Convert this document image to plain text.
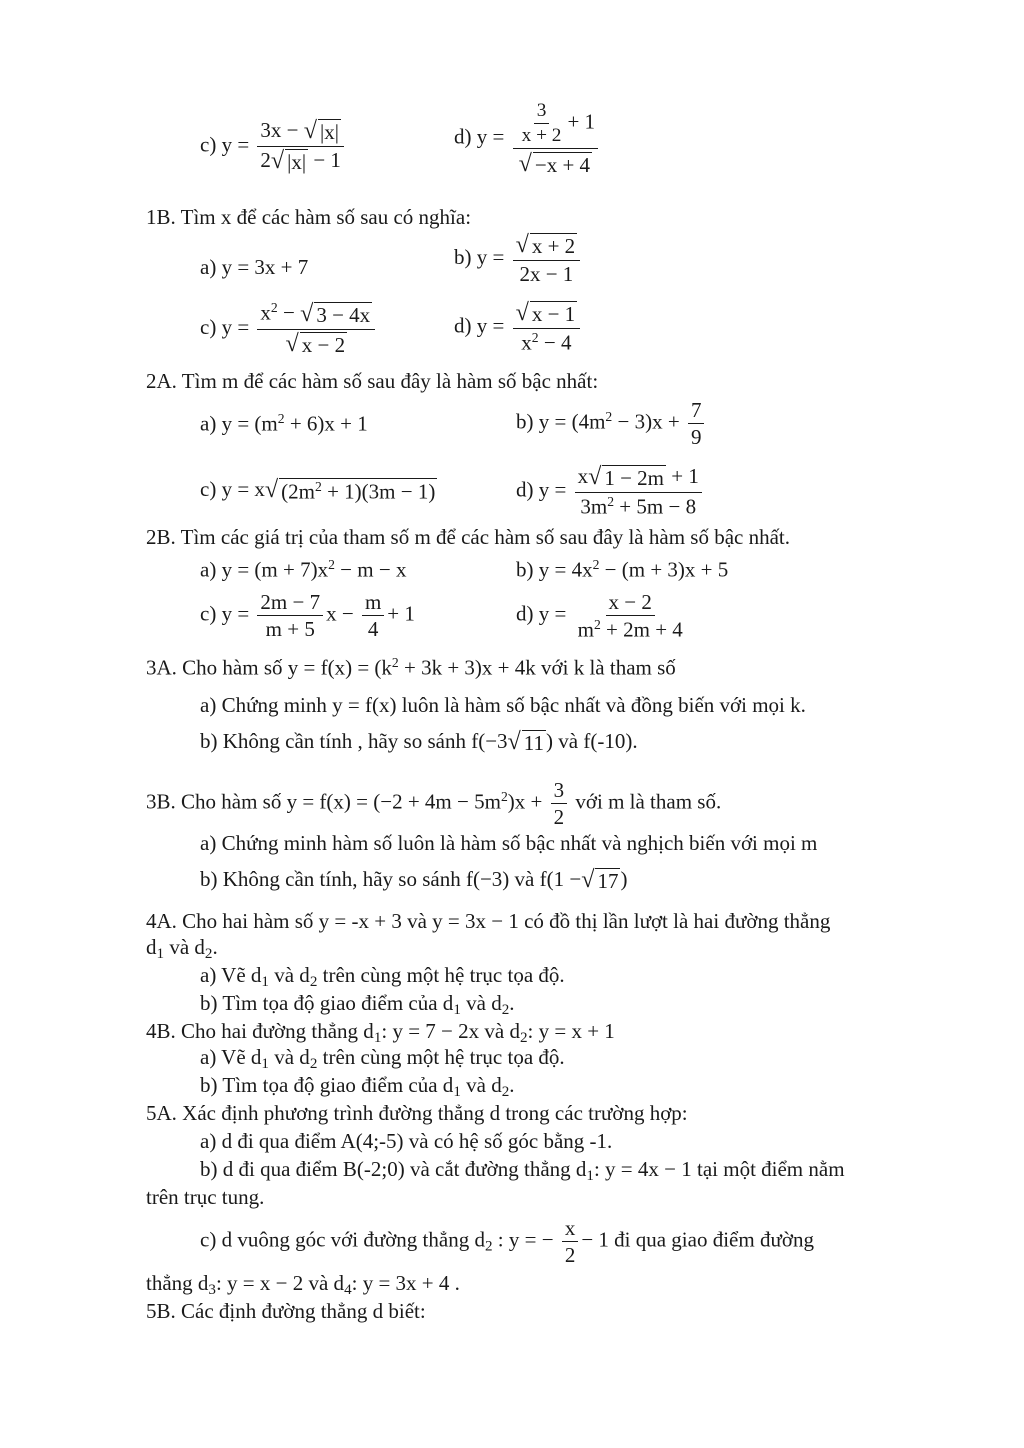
c) $y = \frac{3x - √ |x|}{2 √ |x| - 1}$	d) $y = \frac{\frac{3}{x + 2} + 1}{√ -x + 4}$
1B. Tìm x để các hàm số sau có nghĩa:
a) y = 3x + 7	b) $y = \frac{√ x + 2}{2x - 1}$
c) $y = \frac{x^2 - √ 3 - 4x}{√ x - 2}$	d) $y = \frac{√ x - 1}{x^2 - 4}$
2A. Tìm m để các hàm số sau đây là hàm số bậc nhất:
a) $y = (m^2 + 6)x + 1$	b) $y = (4m^2 - 3)x + \frac{7}{9}$
c) y = x √ $(2m^2 + 1)(3m - 1)$	d) $y = \frac{x √ 1 - 2m + 1}{3m^2 + 5m - 8}$
2B. Tìm các giá trị của tham số m để các hàm số sau đây là hàm số bậc nhất.
a) $y = (m + 7)x^2 - m - x$	b) $y = 4x^2 - (m + 3)x + 5$
c) $y = \frac{2m - 7}{m + 5}$ $x - \frac{m}{4} + 1$	d) $y = \frac{x - 2}{m^2 + 2m + 4}$
3A. Cho hàm số $y = f(x) = (k^2 + 3k + 3)x + 4k$ với k là tham số
a) Chứng minh y = f(x) luôn là hàm số bậc nhất và đồng biến với mọi k.
b) Không cần tính , hãy so sánh f(−3 √ 11 ) và f(-10).
3B. Cho hàm số $y = f(x) = (-2 + 4m - 5m^2)x + \frac{3}{2}$ với m là tham số.
a) Chứng minh hàm số luôn là hàm số bậc nhất và nghịch biến với mọi m
b) Không cần tính, hãy so sánh f(−3) và f(1 − √ 17 )
4A. Cho hai hàm số y = -x + 3 và y = 3x − 1 có đồ thị lần lượt là hai đường thẳng
$d_1$ và $d_2$.
a) Vẽ $d_1$ và $d_2$ trên cùng một hệ trục tọa độ.
b) Tìm tọa độ giao điểm của $d_1$ và $d_2$.
4B. Cho hai đường thẳng $d_1$: y = 7 − 2x và $d_2$: y = x + 1
a) Vẽ $d_1$ và $d_2$ trên cùng một hệ trục tọa độ.
b) Tìm tọa độ giao điểm của $d_1$ và $d_2$.
5A. Xác định phương trình đường thẳng d trong các trường hợp:
a) d đi qua điểm A(4;-5) và có hệ số góc bằng -1.
b) d đi qua điểm B(-2;0) và cắt đường thẳng $d_1$: y = 4x − 1 tại một điểm nằm
trên trục tung.
c) d vuông góc với đường thẳng $d_2$ : y = − $\frac{x}{2} - 1$ đi qua giao điểm đường
thẳng $d_3$: y = x − 2 và $d_4$: y = 3x + 4 .
5B. Các định đường thẳng d biết:
